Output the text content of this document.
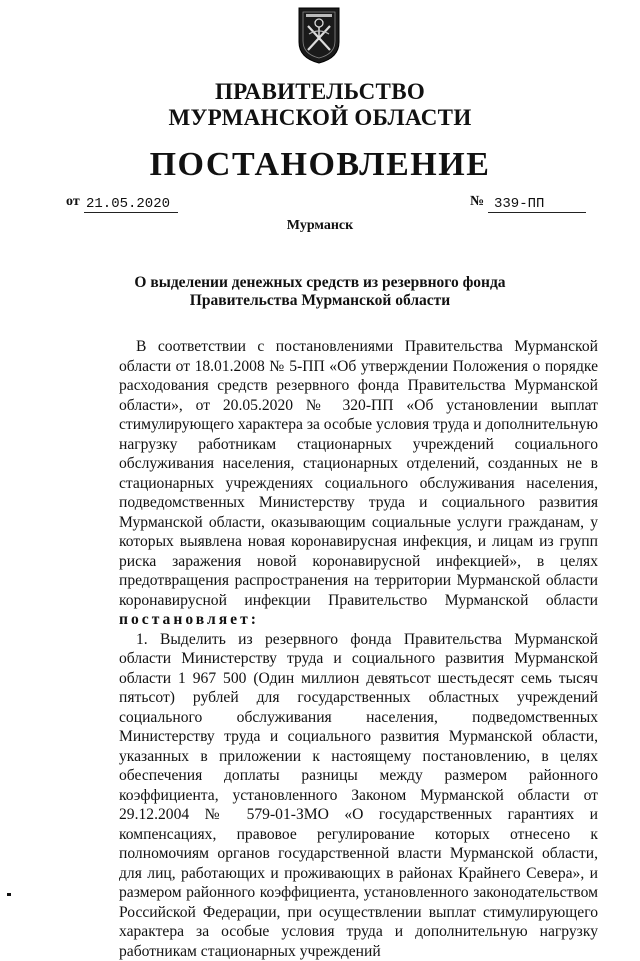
ПРАВИТЕЛЬСТВО
МУРМАНСКОЙ ОБЛАСТИ
ПОСТАНОВЛЕНИЕ
от 21.05.2020	№ 339-ПП
Мурманск
О выделении денежных средств из резервного фонда
Правительства Мурманской области

В соответствии с постановлениями Правительства Мурманской области от 18.01.2008 № 5-ПП «Об утверждении Положения о порядке расходования средств резервного фонда Правительства Мурманской области», от 20.05.2020 № 320-ПП «Об установлении выплат стимулирующего характера за особые условия труда и дополнительную нагрузку работникам стационарных учреждений социального обслуживания населения, стационарных отделений, созданных не в стационарных учреждениях социального обслуживания населения, подведомственных Министерству труда и социального развития Мурманской области, оказывающим социальные услуги гражданам, у которых выявлена новая коронавирусная инфекция, и лицам из групп риска заражения новой коронавирусной инфекцией», в целях предотвращения распространения на территории Мурманской области коронавирусной инфекции Правительство Мурманской области постановляет:

1. Выделить из резервного фонда Правительства Мурманской области Министерству труда и социального развития Мурманской области 1 967 500 (Один миллион девятьсот шестьдесят семь тысяч пятьсот) рублей для государственных областных учреждений социального обслуживания населения, подведомственных Министерству труда и социального развития Мурманской области, указанных в приложении к настоящему постановлению, в целях обеспечения доплаты разницы между размером районного коэффициента, установленного Законом Мурманской области от 29.12.2004 № 579-01-ЗМО «О государственных гарантиях и компенсациях, правовое регулирование которых отнесено к полномочиям органов государственной власти Мурманской области, для лиц, работающих и проживающих в районах Крайнего Севера», и размером районного коэффициента, установленного законодательством Российской Федерации, при осуществлении выплат стимулирующего характера за особые условия труда и дополнительную нагрузку работникам стационарных учреждений
